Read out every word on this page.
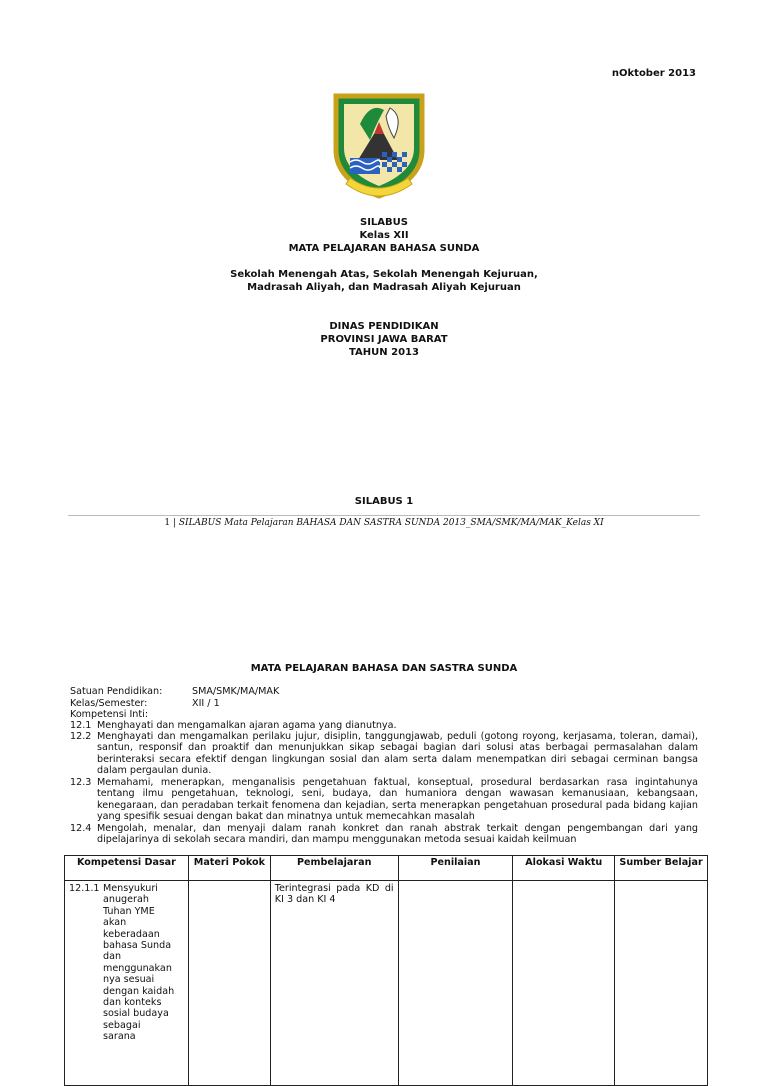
nOktober 2013
SILABUS
Kelas XII
MATA PELAJARAN BAHASA SUNDA
Sekolah Menengah Atas, Sekolah Menengah Kejuruan,
Madrasah Aliyah, dan Madrasah Aliyah Kejuruan
DINAS PENDIDIKAN
PROVINSI JAWA BARAT
TAHUN 2013
SILABUS 1
1 | SILABUS Mata Pelajaran BAHASA DAN SASTRA SUNDA 2013_SMA/SMK/MA/MAK_Kelas XI
MATA PELAJARAN BAHASA DAN SASTRA SUNDA
Satuan Pendidikan:	SMA/SMK/MA/MAK
Kelas/Semester:	XII / 1
Kompetensi Inti:
12.1 Menghayati dan mengamalkan ajaran agama yang dianutnya.
12.2 Menghayati dan mengamalkan perilaku jujur, disiplin, tanggungjawab, peduli (gotong royong, kerjasama, toleran, damai), santun, responsif dan proaktif dan menunjukkan sikap sebagai bagian dari solusi atas berbagai permasalahan dalam berinteraksi secara efektif dengan lingkungan sosial dan alam serta dalam menempatkan diri sebagai cerminan bangsa dalam pergaulan dunia.
12.3 Memahami, menerapkan, menganalisis pengetahuan faktual, konseptual, prosedural berdasarkan rasa ingintahunya tentang ilmu pengetahuan, teknologi, seni, budaya, dan humaniora dengan wawasan kemanusiaan, kebangsaan, kenegaraan, dan peradaban terkait fenomena dan kejadian, serta menerapkan pengetahuan prosedural pada bidang kajian yang spesifik sesuai dengan bakat dan minatnya untuk memecahkan masalah
12.4 Mengolah, menalar, dan menyaji dalam ranah konkret dan ranah abstrak terkait dengan pengembangan dari yang dipelajarinya di sekolah secara mandiri, dan mampu menggunakan metoda sesuai kaidah keilmuan
Kompetensi Dasar	Materi Pokok	Pembelajaran	Penilaian	Alokasi Waktu	Sumber Belajar

12.1.1 Mensyukuri anugerah Tuhan YME akan keberadaan bahasa Sunda dan menggunakan nya sesuai dengan kaidah dan konteks sosial budaya sebagai sarana		Terintegrasi pada KD di KI 3 dan KI 4			
